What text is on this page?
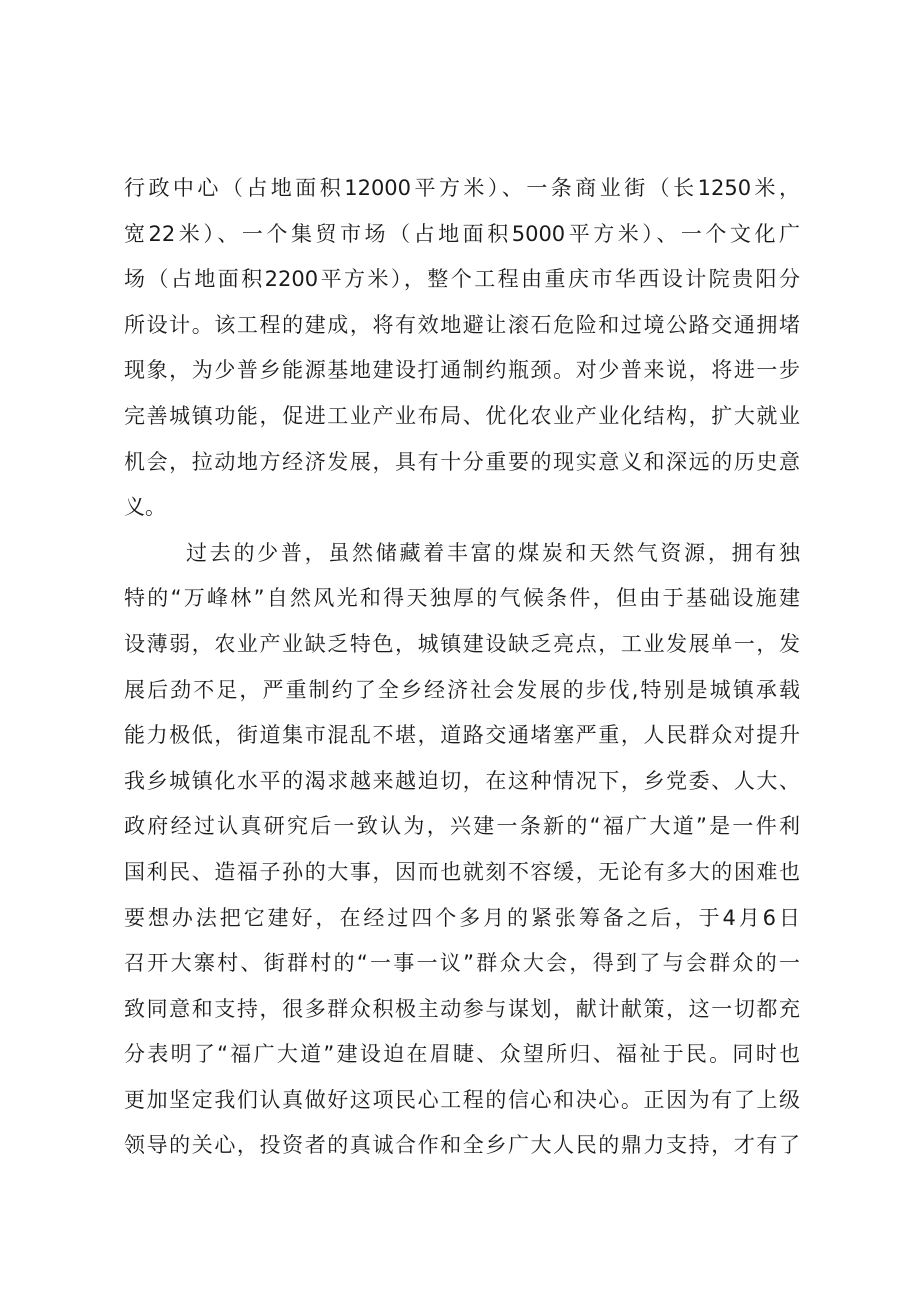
行政中心（占地面积12000平方米）、一条商业街（长1250米，
宽22米）、一个集贸市场（占地面积5000平方米）、一个文化广
场（占地面积2200平方米），整个工程由重庆市华西设计院贵阳分
所设计。该工程的建成，将有效地避让滚石危险和过境公路交通拥堵
现象，为少普乡能源基地建设打通制约瓶颈。对少普来说，将进一步
完善城镇功能，促进工业产业布局、优化农业产业化结构，扩大就业
机会，拉动地方经济发展，具有十分重要的现实意义和深远的历史意
义。
过去的少普，虽然储藏着丰富的煤炭和天然气资源，拥有独
特的“万峰林”自然风光和得天独厚的气候条件，但由于基础设施建
设薄弱，农业产业缺乏特色，城镇建设缺乏亮点，工业发展单一，发
展后劲不足，严重制约了全乡经济社会发展的步伐,特别是城镇承载
能力极低，街道集市混乱不堪，道路交通堵塞严重，人民群众对提升
我乡城镇化水平的渴求越来越迫切，在这种情况下，乡党委、人大、
政府经过认真研究后一致认为，兴建一条新的“福广大道”是一件利
国利民、造福子孙的大事，因而也就刻不容缓，无论有多大的困难也
要想办法把它建好，在经过四个多月的紧张筹备之后，于4月6日
召开大寨村、街群村的“一事一议”群众大会，得到了与会群众的一
致同意和支持，很多群众积极主动参与谋划，献计献策，这一切都充
分表明了“福广大道”建设迫在眉睫、众望所归、福祉于民。同时也
更加坚定我们认真做好这项民心工程的信心和决心。正因为有了上级
领导的关心，投资者的真诚合作和全乡广大人民的鼎力支持，才有了
